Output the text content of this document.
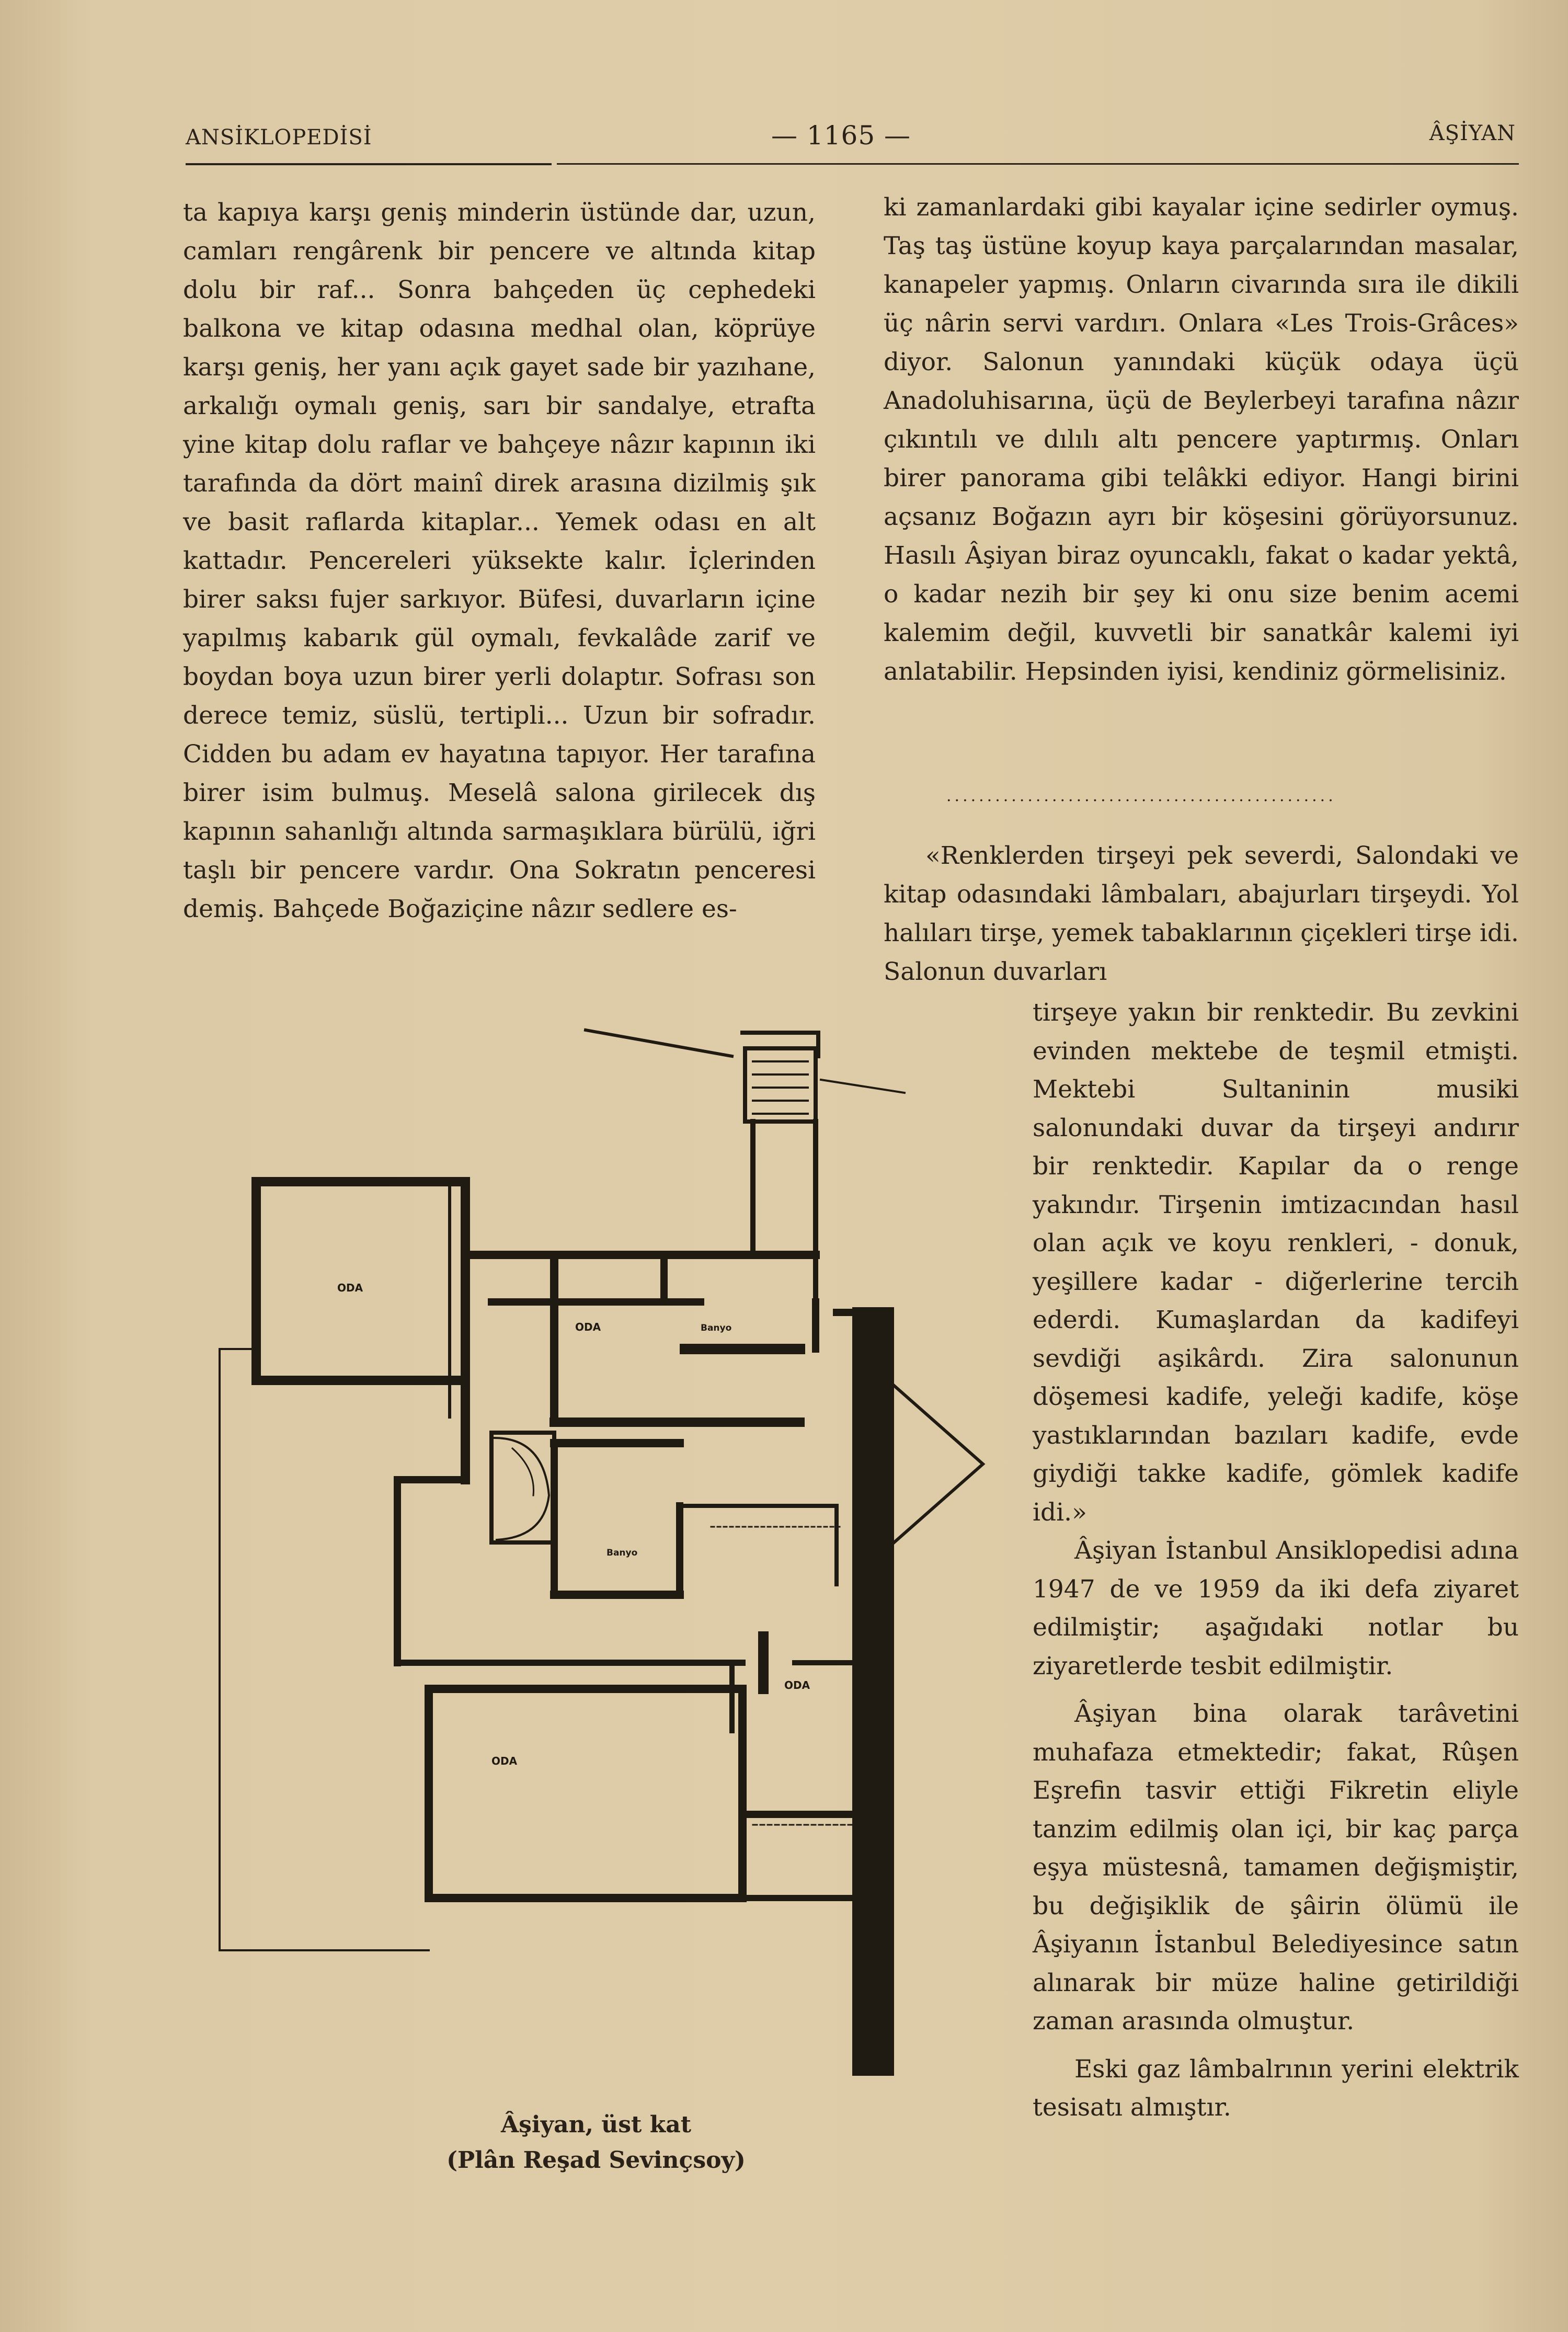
ANSİKLOPEDİSİ	— 1165 —	ÂŞİYAN

ta kapıya karşı geniş minderin üstünde dar, uzun, camları rengârenk bir pencere ve altında kitap dolu bir raf... Sonra bahçeden üç cephedeki balkona ve kitap odasına medhal olan, köprüye karşı geniş, her yanı açık gayet sade bir yazıhane, arkalığı oymalı geniş, sarı bir sandalye, etrafta yine kitap dolu raflar ve bahçeye nâzır kapının iki tarafında da dört mainî direk arasına dizilmiş şık ve basit raflarda kitaplar... Yemek odası en alt kattadır. Pencereleri yüksekte kalır. İçlerinden birer saksı fujer sarkıyor. Büfesi, duvarların içine yapılmış kabarık gül oymalı, fevkalâde zarif ve boydan boya uzun birer yerli dolaptır. Sofrası son derece temiz, süslü, tertipli... Uzun bir sofradır. Cidden bu adam ev hayatına tapıyor. Her tarafına birer isim bulmuş. Meselâ salona girilecek dış kapının sahanlığı altında sarmaşıklara bürülü, iğri taşlı bir pencere vardır. Ona Sokratın penceresi demiş. Bahçede Boğaziçine nâzır sedlere es-

ki zamanlardaki gibi kayalar içine sedirler oymuş. Taş taş üstüne koyup kaya parçalarından masalar, kanapeler yapmış. Onların civarında sıra ile dikili üç nârin servi vardırı. Onlara «Les Trois-Grâces» diyor. Salonun yanındaki küçük odaya üçü Anadoluhisarına, üçü de Beylerbeyi tarafına nâzır çıkıntılı ve dılılı altı pencere yaptırmış. Onları birer panorama gibi telâkki ediyor. Hangi birini açsanız Boğazın ayrı bir köşesini görüyorsunuz. Hasılı Âşiyan biraz oyuncaklı, fakat o kadar yektâ, o kadar nezih bir şey ki onu size benim acemi kalemim değil, kuvvetli bir sanatkâr kalemi iyi anlatabilir. Hepsinden iyisi, kendiniz görmelisiniz.

................................................

«Renklerden tirşeyi pek severdi, Salondaki ve kitap odasındaki lâmbaları, abajurları tirşeydi. Yol halıları tirşe, yemek tabaklarının çiçekleri tirşe idi. Salonun duvarları

tirşeye yakın bir renktedir. Bu zevkini evinden mektebe de teşmil etmişti. Mektebi Sultaninin musiki salonundaki duvar da tirşeyi andırır bir renktedir. Kapılar da o renge yakındır. Tirşenin imtizacından hasıl olan açık ve koyu renkleri, - donuk, yeşillere kadar - diğerlerine tercih ederdi. Kumaşlardan da kadifeyi sevdiği aşikârdı. Zira salonunun döşemesi kadife, yeleği kadife, köşe yastıklarından bazıları kadife, evde giydiği takke kadife, gömlek kadife idi.»

Âşiyan İstanbul Ansiklopedisi adına 1947 de ve 1959 da iki defa ziyaret edilmiştir; aşağıdaki notlar bu ziyaretlerde tesbit edilmiştir.

Âşiyan bina olarak tarâvetini muhafaza etmektedir; fakat, Rûşen Eşrefin tasvir ettiği Fikretin eliyle tanzim edilmiş olan içi, bir kaç parça eşya müstesnâ, tamamen değişmiştir, bu değişiklik de şâirin ölümü ile Âşiyanın İstanbul Belediyesince satın alınarak bir müze haline getirildiği zaman arasında olmuştur.

Eski gaz lâmbalrının yerini elektrik tesisatı almıştır.

ODA
ODA	Banyo
Banyo
ODA
ODA
Âşiyan, üst kat
(Plân Reşad Sevinçsoy)
